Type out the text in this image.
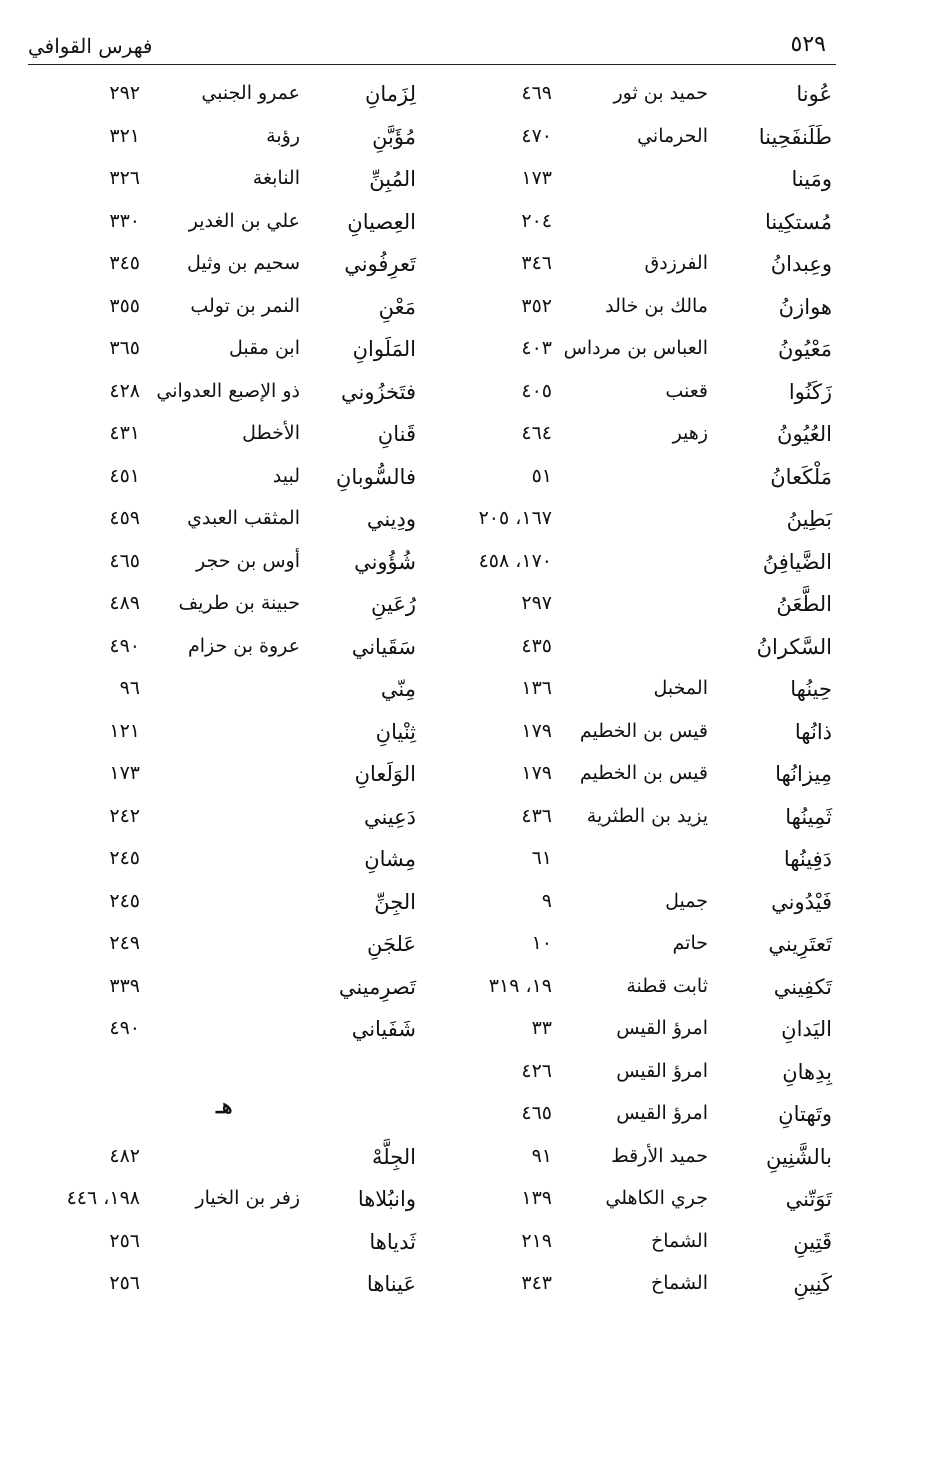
٥٢٩
فهرس القوافي
عُونا
حميد بن ثور
٤٦٩
لِزَمانِ
عمرو الجنبي
٢٩٢
طَلَنفَحِينا
الحرماني
٤٧٠
مُؤَبَّنِ
رؤبة
٣٢١
ومَينا
١٧٣
المُبِنِّ
النابغة
٣٢٦
مُستكِينا
٢٠٤
العِصيانِ
علي بن الغدير
٣٣٠
وعِبدانُ
الفرزدق
٣٤٦
تَعرِفُوني
سحيم بن وثيل
٣٤٥
هوازنُ
مالك بن خالد
٣٥٢
مَعْنِ
النمر بن تولب
٣٥٥
مَعْيُونُ
العباس بن مرداس
٤٠٣
المَلَوانِ
ابن مقبل
٣٦٥
زَكَنُوا
قعنب
٤٠٥
فتَخزُوني
ذو الإصبع العدواني
٤٢٨
العُيُونُ
زهير
٤٦٤
قَنانِ
الأخطل
٤٣١
مَلْكَعانُ
٥١
فالسُّوبانِ
لبيد
٤٥١
بَطِينُ
١٦٧، ٢٠٥
ودِيني
المثقب العبدي
٤٥٩
الضَّيافِنُ
١٧٠، ٤٥٨
شُؤُوني
أوس بن حجر
٤٦٥
الطَّعَنُ
٢٩٧
رُعَينِ
حبينة بن طريف
٤٨٩
السَّكرانُ
٤٣٥
سَقَياني
عروة بن حزام
٤٩٠
حِينُها
المخبل
١٣٦
مِنّي
٩٦
ذانُها
قيس بن الخطيم
١٧٩
ثِنْيانِ
١٢١
مِيزانُها
قيس بن الخطيم
١٧٩
الوَلَعانِ
١٧٣
ثَمِينُها
يزيد بن الطثرية
٤٣٦
دَعِيني
٢٤٢
دَفِينُها
٦١
مِشانِ
٢٤٥
فَيْدُوني
جميل
٩
الجِنِّ
٢٤٥
تَعتَرِيني
حاتم
١٠
عَلجَنِ
٢٤٩
تَكفِيني
ثابت قطنة
١٩، ٣١٩
تَصرِميني
٣٣٩
اليَدانِ
امرؤ القيس
٣٣
شَفَياني
٤٩٠
بِدِهانِ
امرؤ القيس
٤٢٦
وتَهتانِ
امرؤ القيس
٤٦٥
بالشَّنِينِ
حميد الأرقط
٩١
الجِلَّهْ
٤٨٢
تَوَتّني
جري الكاهلي
١٣٩
وانبُلاها
زفر بن الخيار
١٩٨، ٤٤٦
قَتِينِ
الشماخ
٢١٩
ثَدياها
٢٥٦
كَنِينِ
الشماخ
٣٤٣
عَيناها
٢٥٦
هـ
